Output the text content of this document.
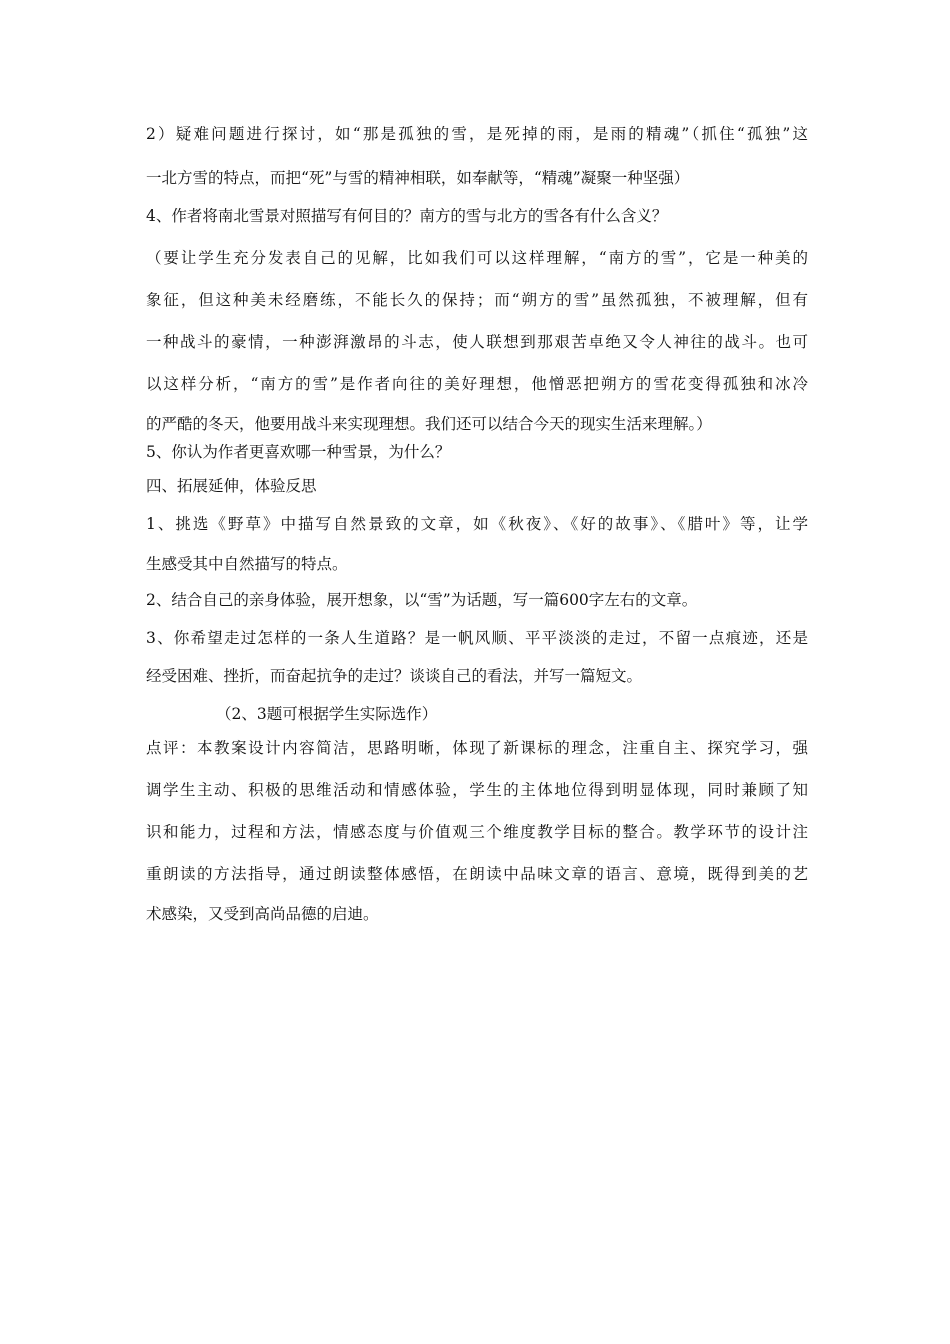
2）疑难问题进行探讨，如“那是孤独的雪，是死掉的雨，是雨的精魂”（抓住“孤独”这
一北方雪的特点，而把“死”与雪的精神相联，如奉献等，“精魂”凝聚一种坚强）
4、作者将南北雪景对照描写有何目的？南方的雪与北方的雪各有什么含义？
（要让学生充分发表自己的见解，比如我们可以这样理解，“南方的雪”，它是一种美的
象征，但这种美未经磨练，不能长久的保持；而“朔方的雪”虽然孤独，不被理解，但有
一种战斗的豪情，一种澎湃激昂的斗志，使人联想到那艰苦卓绝又令人神往的战斗。也可
以这样分析，“南方的雪”是作者向往的美好理想，他憎恶把朔方的雪花变得孤独和冰冷
的严酷的冬天，他要用战斗来实现理想。我们还可以结合今天的现实生活来理解。）
5、你认为作者更喜欢哪一种雪景，为什么？
四、拓展延伸，体验反思
1、挑选《野草》中描写自然景致的文章，如《秋夜》、《好的故事》、《腊叶》等，让学
生感受其中自然描写的特点。
2、结合自己的亲身体验，展开想象，以“雪”为话题，写一篇600字左右的文章。
3、你希望走过怎样的一条人生道路？是一帆风顺、平平淡淡的走过，不留一点痕迹，还是
经受困难、挫折，而奋起抗争的走过？谈谈自己的看法，并写一篇短文。
（2、3题可根据学生实际选作）
点评：本教案设计内容简洁，思路明晰，体现了新课标的理念，注重自主、探究学习，强
调学生主动、积极的思维活动和情感体验，学生的主体地位得到明显体现，同时兼顾了知
识和能力，过程和方法，情感态度与价值观三个维度教学目标的整合。教学环节的设计注
重朗读的方法指导，通过朗读整体感悟，在朗读中品味文章的语言、意境，既得到美的艺
术感染，又受到高尚品德的启迪。
